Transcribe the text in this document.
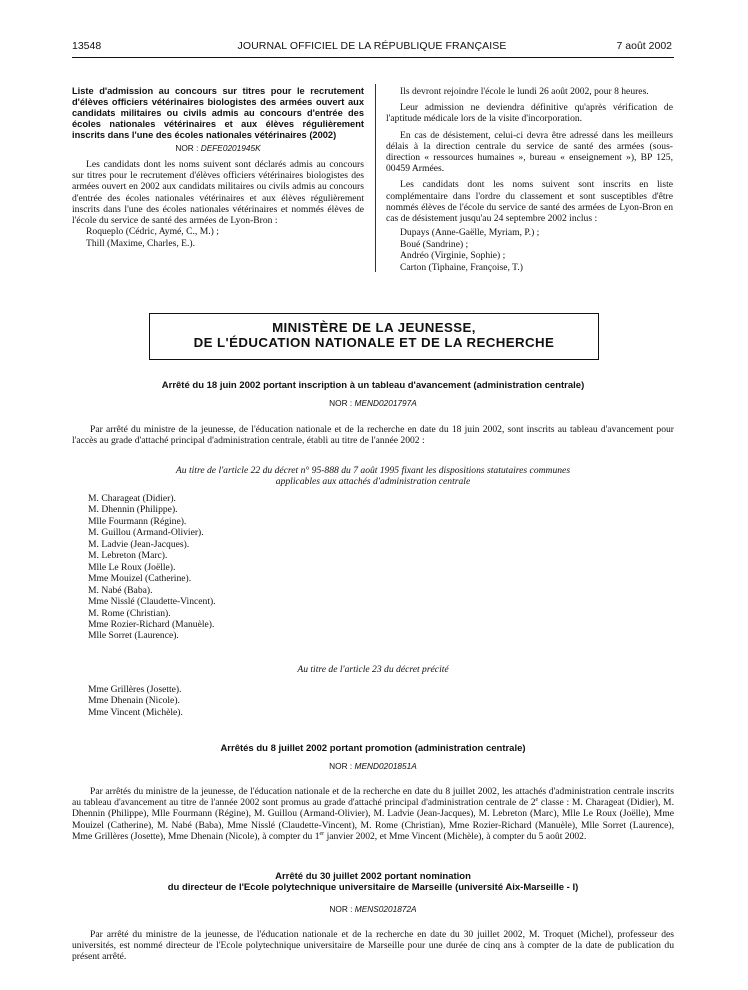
13548	JOURNAL OFFICIEL DE LA RÉPUBLIQUE FRANÇAISE	7 août 2002

Liste d'admission au concours sur titres pour le recrutement d'élèves officiers vétérinaires biologistes des armées ouvert aux candidats militaires ou civils admis au concours d'entrée des écoles nationales vétérinaires et aux élèves régulièrement inscrits dans l'une des écoles nationales vétérinaires (2002)

NOR : DEFE0201945K

Les candidats dont les noms suivent sont déclarés admis au concours sur titres pour le recrutement d'élèves officiers vétérinaires biologistes des armées ouvert en 2002 aux candidats militaires ou civils admis au concours d'entrée des écoles nationales vétérinaires et aux élèves régulièrement inscrits dans l'une des écoles nationales vétérinaires et nommés élèves de l'école du service de santé des armées de Lyon-Bron :

Roqueplo (Cédric, Aymé, C., M.) ;

Thill (Maxime, Charles, E.).

Ils devront rejoindre l'école le lundi 26 août 2002, pour 8 heures.

Leur admission ne deviendra définitive qu'après vérification de l'aptitude médicale lors de la visite d'incorporation.

En cas de désistement, celui-ci devra être adressé dans les meilleurs délais à la direction centrale du service de santé des armées (sous-direction « ressources humaines », bureau « enseignement »), BP 125, 00459 Armées.

Les candidats dont les noms suivent sont inscrits en liste complémentaire dans l'ordre du classement et sont susceptibles d'être nommés élèves de l'école du service de santé des armées de Lyon-Bron en cas de désistement jusqu'au 24 septembre 2002 inclus :

Dupays (Anne-Gaëlle, Myriam, P.) ;

Boué (Sandrine) ;

Andréo (Virginie, Sophie) ;

Carton (Tiphaine, Françoise, T.)

MINISTÈRE DE LA JEUNESSE,
DE L'ÉDUCATION NATIONALE ET DE LA RECHERCHE
Arrêté du 18 juin 2002 portant inscription à un tableau d'avancement (administration centrale)
NOR : MEND0201797A

Par arrêté du ministre de la jeunesse, de l'éducation nationale et de la recherche en date du 18 juin 2002, sont inscrits au tableau d'avancement pour l'accès au grade d'attaché principal d'administration centrale, établi au titre de l'année 2002 :

Au titre de l'article 22 du décret n° 95-888 du 7 août 1995 fixant les dispositions statutaires communes
applicables aux attachés d'administration centrale
M. Charageat (Didier).
M. Dhennin (Philippe).
Mlle Fourmann (Régine).
M. Guillou (Armand-Olivier).
M. Ladvie (Jean-Jacques).
M. Lebreton (Marc).
Mlle Le Roux (Joëlle).
Mme Mouizel (Catherine).
M. Nabé (Baba).
Mme Nisslé (Claudette-Vincent).
M. Rome (Christian).
Mme Rozier-Richard (Manuèle).
Mlle Sorret (Laurence).
Au titre de l'article 23 du décret précité
Mme Grillères (Josette).
Mme Dhenain (Nicole).
Mme Vincent (Michèle).
Arrêtés du 8 juillet 2002 portant promotion (administration centrale)
NOR : MEND0201851A

Par arrêtés du ministre de la jeunesse, de l'éducation nationale et de la recherche en date du 8 juillet 2002, les attachés d'administration centrale inscrits au tableau d'avancement au titre de l'année 2002 sont promus au grade d'attaché principal d'administration centrale de 2e classe : M. Charageat (Didier), M. Dhennin (Philippe), Mlle Fourmann (Régine), M. Guillou (Armand-Olivier), M. Ladvie (Jean-Jacques), M. Lebreton (Marc), Mlle Le Roux (Joëlle), Mme Mouizel (Catherine), M. Nabé (Baba), Mme Nisslé (Claudette-Vincent), M. Rome (Christian), Mme Rozier-Richard (Manuèle), Mlle Sorret (Laurence), Mme Grillères (Josette), Mme Dhenain (Nicole), à compter du 1er janvier 2002, et Mme Vincent (Michèle), à compter du 5 août 2002.

Arrêté du 30 juillet 2002 portant nomination
du directeur de l'Ecole polytechnique universitaire de Marseille (université Aix-Marseille - I)
NOR : MENS0201872A

Par arrêté du ministre de la jeunesse, de l'éducation nationale et de la recherche en date du 30 juillet 2002, M. Troquet (Michel), professeur des universités, est nommé directeur de l'Ecole polytechnique universitaire de Marseille pour une durée de cinq ans à compter de la date de publication du présent arrêté.
